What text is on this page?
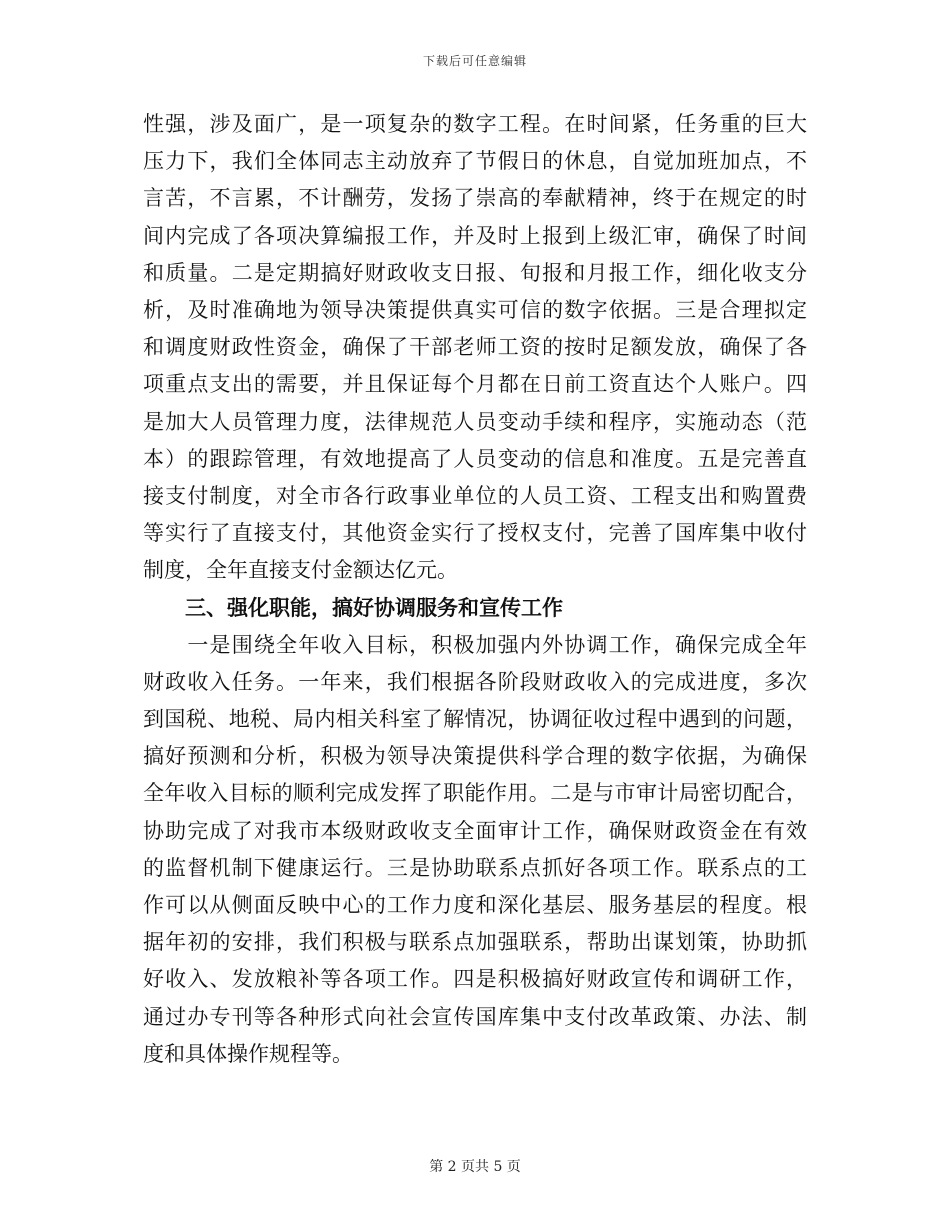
下载后可任意编辑
性强，涉及面广，是一项复杂的数字工程。在时间紧，任务重的巨大
压力下，我们全体同志主动放弃了节假日的休息，自觉加班加点，不
言苦，不言累，不计酬劳，发扬了崇高的奉献精神，终于在规定的时
间内完成了各项决算编报工作，并及时上报到上级汇审，确保了时间
和质量。二是定期搞好财政收支日报、旬报和月报工作，细化收支分
析，及时准确地为领导决策提供真实可信的数字依据。三是合理拟定
和调度财政性资金，确保了干部老师工资的按时足额发放，确保了各
项重点支出的需要，并且保证每个月都在日前工资直达个人账户。四
是加大人员管理力度，法律规范人员变动手续和程序，实施动态（范
本）的跟踪管理，有效地提高了人员变动的信息和准度。五是完善直
接支付制度，对全市各行政事业单位的人员工资、工程支出和购置费
等实行了直接支付，其他资金实行了授权支付，完善了国库集中收付
制度，全年直接支付金额达亿元。
　　三、强化职能，搞好协调服务和宣传工作
　　一是围绕全年收入目标，积极加强内外协调工作，确保完成全年
财政收入任务。一年来，我们根据各阶段财政收入的完成进度，多次
到国税、地税、局内相关科室了解情况，协调征收过程中遇到的问题，
搞好预测和分析，积极为领导决策提供科学合理的数字依据，为确保
全年收入目标的顺利完成发挥了职能作用。二是与市审计局密切配合，
协助完成了对我市本级财政收支全面审计工作，确保财政资金在有效
的监督机制下健康运行。三是协助联系点抓好各项工作。联系点的工
作可以从侧面反映中心的工作力度和深化基层、服务基层的程度。根
据年初的安排，我们积极与联系点加强联系，帮助出谋划策，协助抓
好收入、发放粮补等各项工作。四是积极搞好财政宣传和调研工作，
通过办专刊等各种形式向社会宣传国库集中支付改革政策、办法、制
度和具体操作规程等。
第 2 页共 5 页
